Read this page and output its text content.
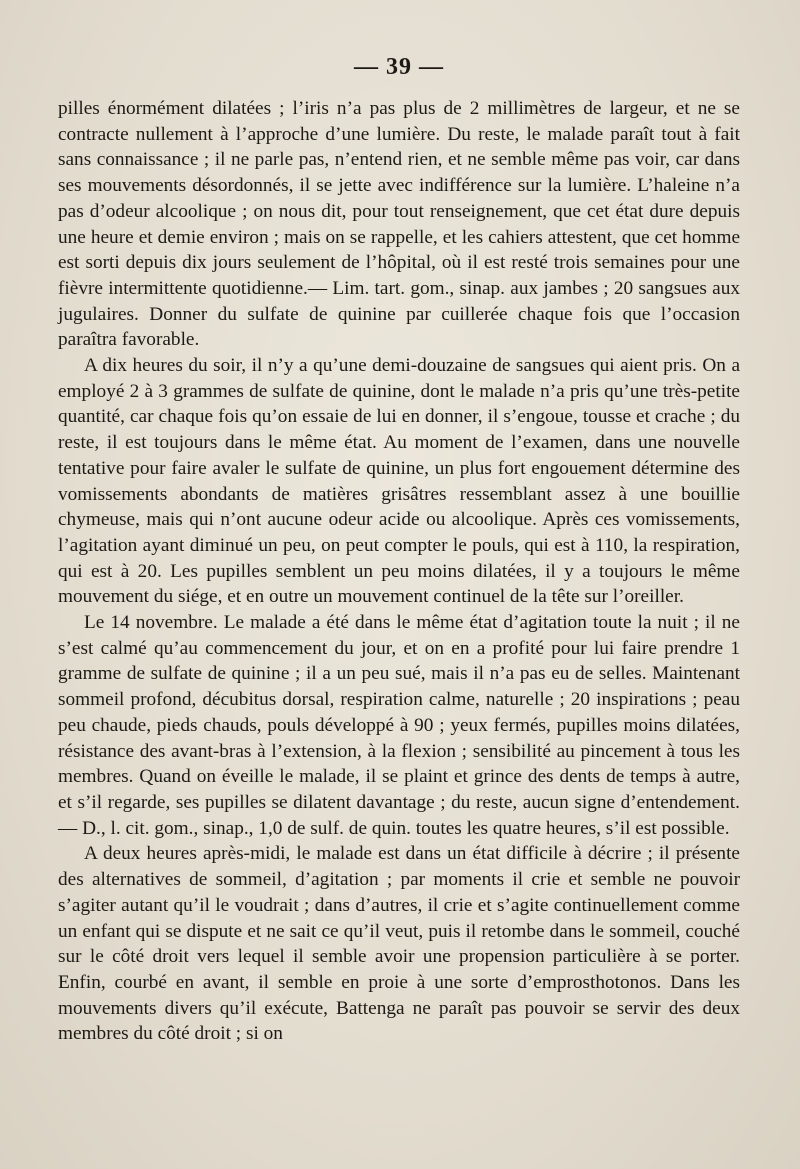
— 39 —

pilles énormément dilatées ; l’iris n’a pas plus de 2 millimètres de largeur, et ne se contracte nullement à l’approche d’une lumière. Du reste, le malade paraît tout à fait sans connaissance ; il ne parle pas, n’entend rien, et ne semble même pas voir, car dans ses mouvements désordonnés, il se jette avec indifférence sur la lumière. L’haleine n’a pas d’odeur alcoolique ; on nous dit, pour tout renseignement, que cet état dure depuis une heure et demie environ ; mais on se rappelle, et les cahiers attestent, que cet homme est sorti depuis dix jours seulement de l’hôpital, où il est resté trois semaines pour une fièvre intermittente quotidienne.— Lim. tart. gom., sinap. aux jambes ; 20 sangsues aux jugulaires. Donner du sulfate de quinine par cuillerée chaque fois que l’occasion paraîtra favorable.

A dix heures du soir, il n’y a qu’une demi-douzaine de sangsues qui aient pris. On a employé 2 à 3 grammes de sulfate de quinine, dont le malade n’a pris qu’une très-petite quantité, car chaque fois qu’on essaie de lui en donner, il s’engoue, tousse et crache ; du reste, il est toujours dans le même état. Au moment de l’examen, dans une nouvelle tentative pour faire avaler le sulfate de quinine, un plus fort engouement détermine des vomissements abondants de matières grisâtres ressemblant assez à une bouillie chymeuse, mais qui n’ont aucune odeur acide ou alcoolique. Après ces vomissements, l’agitation ayant diminué un peu, on peut compter le pouls, qui est à 110, la respiration, qui est à 20. Les pupilles semblent un peu moins dilatées, il y a toujours le même mouvement du siége, et en outre un mouvement continuel de la tête sur l’oreiller.

Le 14 novembre. Le malade a été dans le même état d’agitation toute la nuit ; il ne s’est calmé qu’au commencement du jour, et on en a profité pour lui faire prendre 1 gramme de sulfate de quinine ; il a un peu sué, mais il n’a pas eu de selles. Maintenant sommeil profond, décubitus dorsal, respiration calme, naturelle ; 20 inspirations ; peau peu chaude, pieds chauds, pouls développé à 90 ; yeux fermés, pupilles moins dilatées, résistance des avant-bras à l’extension, à la flexion ; sensibilité au pincement à tous les membres. Quand on éveille le malade, il se plaint et grince des dents de temps à autre, et s’il regarde, ses pupilles se dilatent davantage ; du reste, aucun signe d’entendement. — D., l. cit. gom., sinap., 1,0 de sulf. de quin. toutes les quatre heures, s’il est possible.

A deux heures après-midi, le malade est dans un état difficile à décrire ; il présente des alternatives de sommeil, d’agitation ; par moments il crie et semble ne pouvoir s’agiter autant qu’il le voudrait ; dans d’autres, il crie et s’agite continuellement comme un enfant qui se dispute et ne sait ce qu’il veut, puis il retombe dans le sommeil, couché sur le côté droit vers lequel il semble avoir une propension particulière à se porter. Enfin, courbé en avant, il semble en proie à une sorte d’emprosthotonos. Dans les mouvements divers qu’il exécute, Battenga ne paraît pas pouvoir se servir des deux membres du côté droit ; si on
